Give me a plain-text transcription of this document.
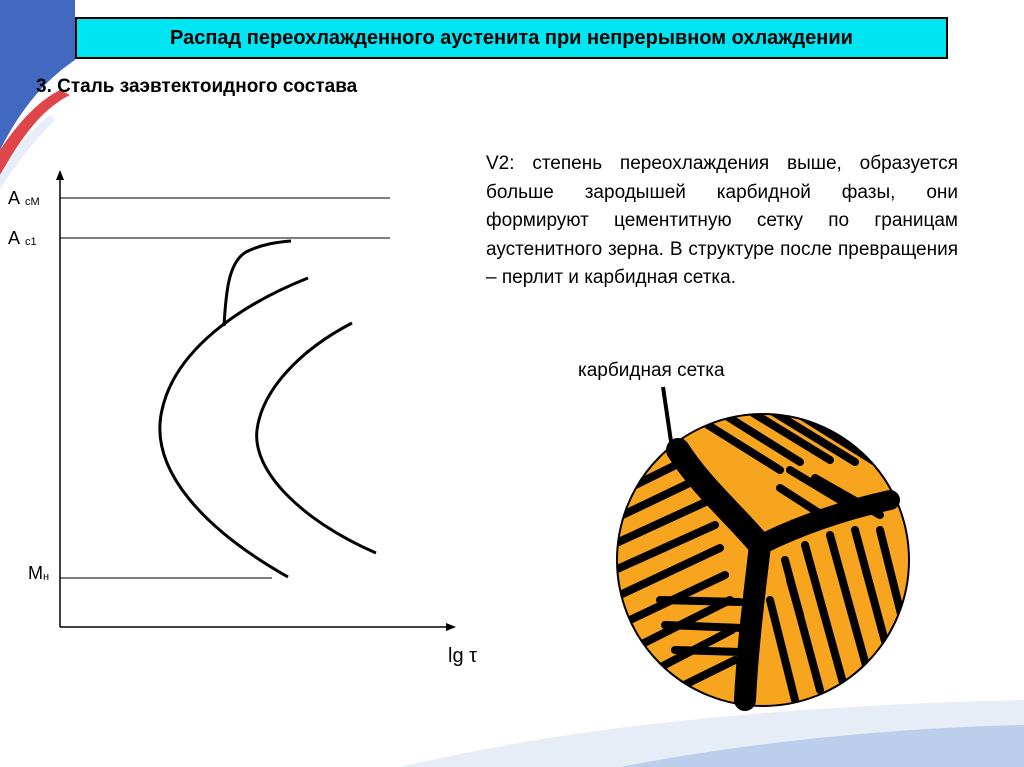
Распад переохлажденного аустенита при непрерывном охлаждении
3. Сталь заэвтектоидного состава
V2: степень переохлаждения выше, образуется больше зародышей карбидной фазы, они формируют цементитную сетку по границам аустенитного зерна. В структуре после превращения – перлит и карбидная сетка.
А $_{сМ}$
А $_{с1}$
$М_н$
lg τ
карбидная сетка
